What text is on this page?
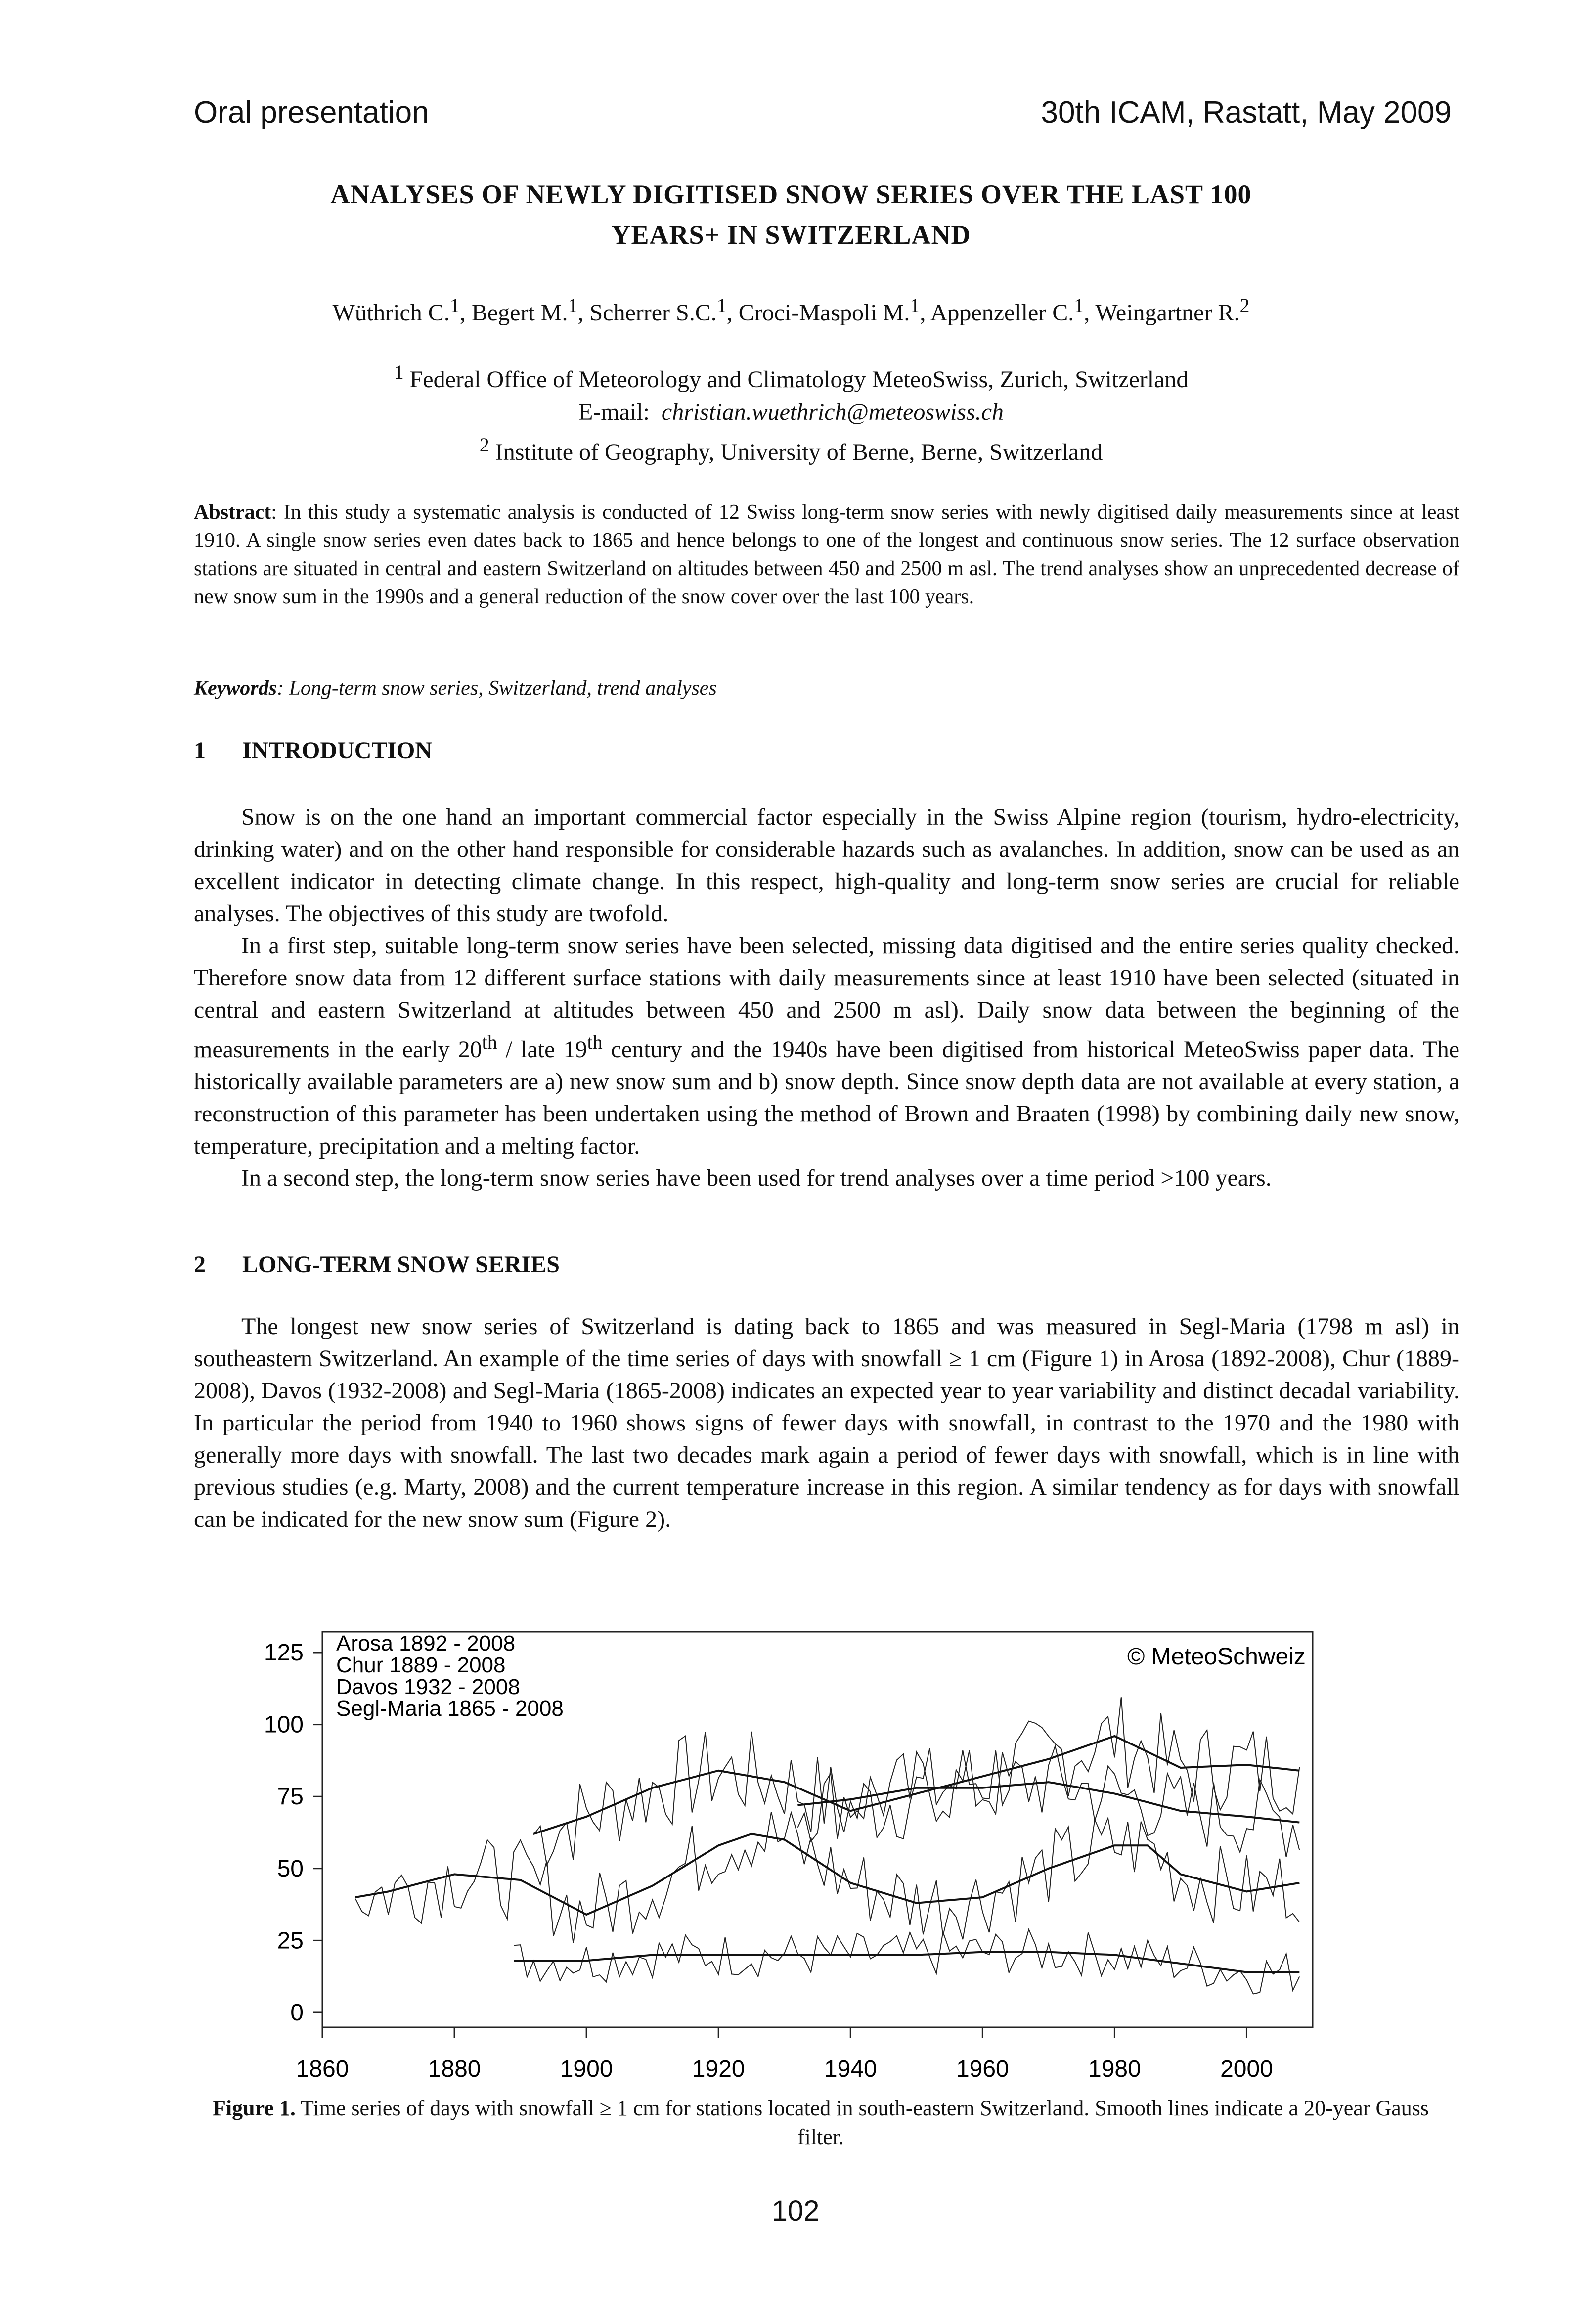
Oral presentation	30th ICAM, Rastatt, May 2009
ANALYSES OF NEWLY DIGITISED SNOW SERIES OVER THE LAST 100
YEARS+ IN SWITZERLAND
Wüthrich C.$^1$, Begert M.$^1$, Scherrer S.C.$^1$, Croci-Maspoli M.$^1$, Appenzeller C.$^1$, Weingartner R.$^2$
$^1$ Federal Office of Meteorology and Climatology MeteoSwiss, Zurich, Switzerland
E-mail: christian.wuethrich@meteoswiss.ch
$^2$ Institute of Geography, University of Berne, Berne, Switzerland
Abstract: In this study a systematic analysis is conducted of 12 Swiss long-term snow series with newly digitised daily measurements since at least 1910. A single snow series even dates back to 1865 and hence belongs to one of the longest and continuous snow series. The 12 surface observation stations are situated in central and eastern Switzerland on altitudes between 450 and 2500 m asl. The trend analyses show an unprecedented decrease of new snow sum in the 1990s and a general reduction of the snow cover over the last 100 years.
Keywords: Long-term snow series, Switzerland, trend analyses
1 INTRODUCTION

Snow is on the one hand an important commercial factor especially in the Swiss Alpine region (tourism, hydro-electricity, drinking water) and on the other hand responsible for considerable hazards such as avalanches. In addition, snow can be used as an excellent indicator in detecting climate change. In this respect, high-quality and long-term snow series are crucial for reliable analyses. The objectives of this study are twofold.

In a first step, suitable long-term snow series have been selected, missing data digitised and the entire series quality checked. Therefore snow data from 12 different surface stations with daily measurements since at least 1910 have been selected (situated in central and eastern Switzerland at altitudes between 450 and 2500 m asl). Daily snow data between the beginning of the measurements in the early 20th / late 19th century and the 1940s have been digitised from historical MeteoSwiss paper data. The historically available parameters are a) new snow sum and b) snow depth. Since snow depth data are not available at every station, a reconstruction of this parameter has been undertaken using the method of Brown and Braaten (1998) by combining daily new snow, temperature, precipitation and a melting factor.

In a second step, the long-term snow series have been used for trend analyses over a time period >100 years.

2 LONG-TERM SNOW SERIES

The longest new snow series of Switzerland is dating back to 1865 and was measured in Segl-Maria (1798 m asl) in southeastern Switzerland. An example of the time series of days with snowfall ≥ 1 cm (Figure 1) in Arosa (1892-2008), Chur (1889-2008), Davos (1932-2008) and Segl-Maria (1865-2008) indicates an expected year to year variability and distinct decadal variability. In particular the period from 1940 to 1960 shows signs of fewer days with snowfall, in contrast to the 1970 and the 1980 with generally more days with snowfall. The last two decades mark again a period of fewer days with snowfall, which is in line with previous studies (e.g. Marty, 2008) and the current temperature increase in this region. A similar tendency as for days with snowfall can be indicated for the new snow sum (Figure 2).

0
25
50
75
100
125
1860	1880	1900	1920	1940	1960	1980	2000
Arosa 1892 - 2008
Chur 1889 - 2008
Davos 1932 - 2008
Segl-Maria 1865 - 2008
© MeteoSchweiz
Figure 1. Time series of days with snowfall ≥ 1 cm for stations located in south-eastern Switzerland. Smooth lines indicate a 20-year Gauss filter.
102
